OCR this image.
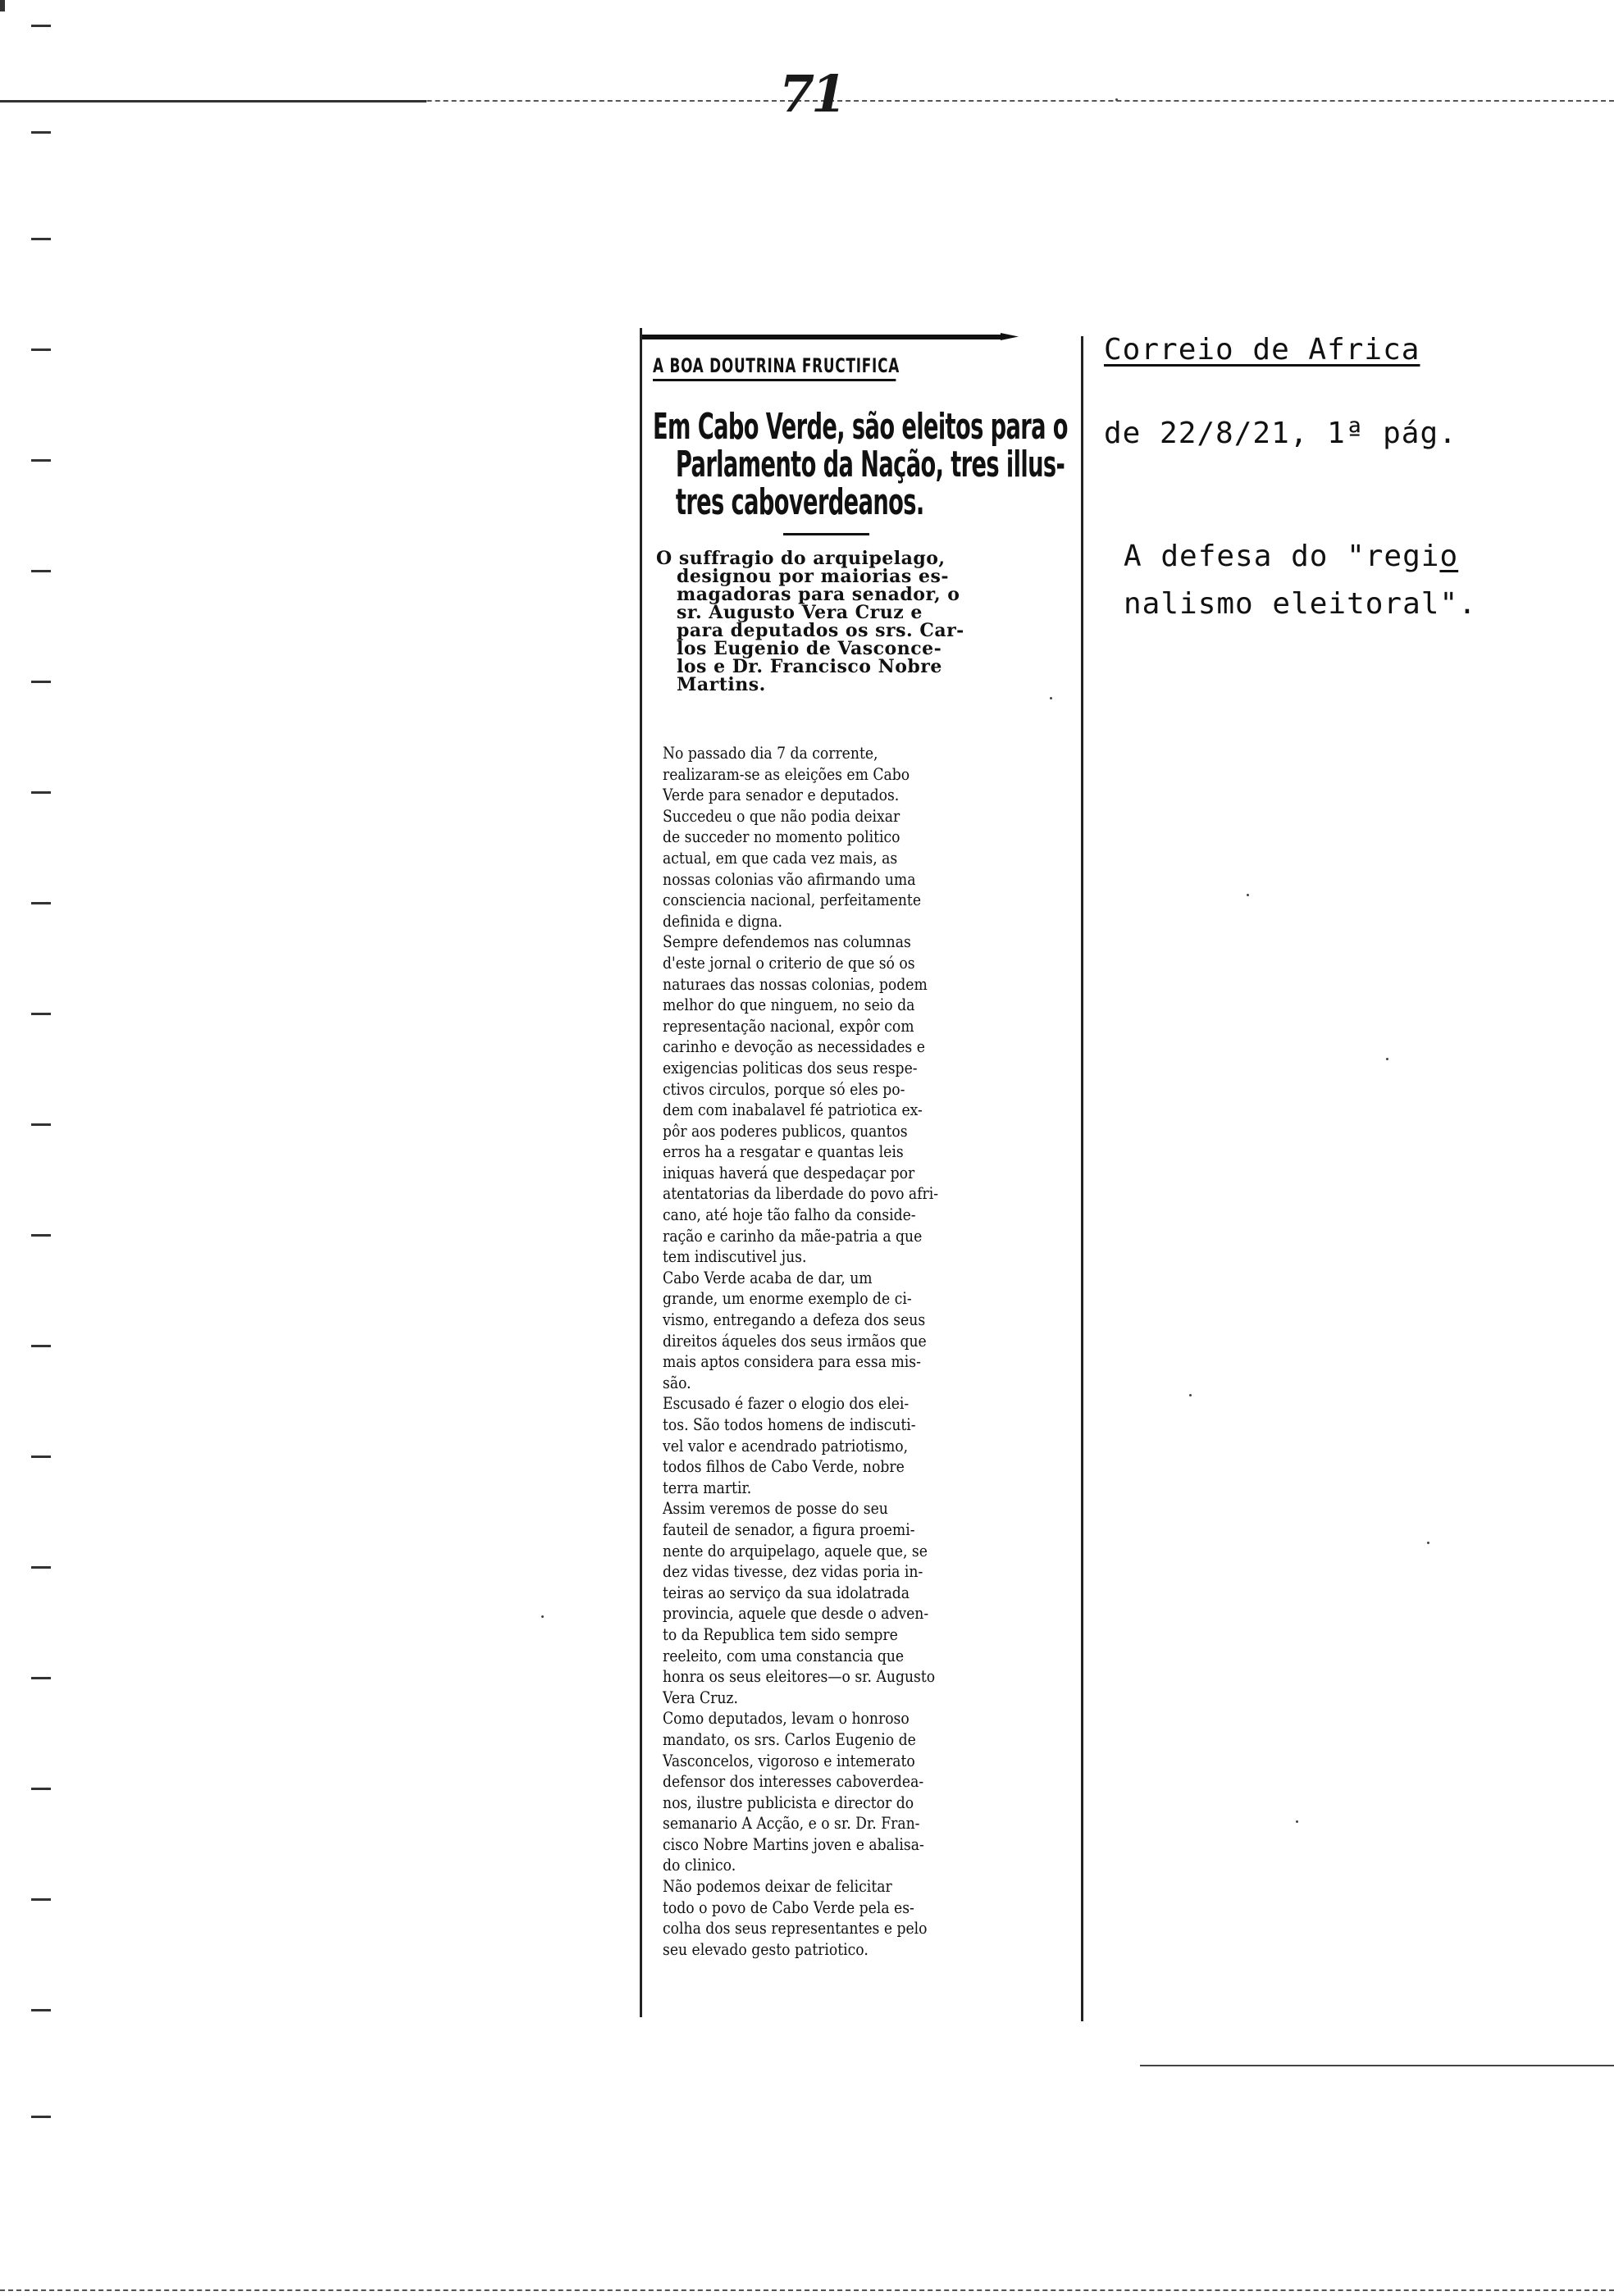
71
A BOA DOUTRINA FRUCTIFICA
Em Cabo Verde, são eleitos para o
Parlamento da Nação, tres illus-
tres caboverdeanos.
O suffragio do arquipelago,
designou por maiorias es-
magadoras para senador, o
sr. Augusto Vera Cruz e
para deputados os srs. Car-
los Eugenio de Vasconce-
los e Dr. Francisco Nobre
Martins.
No passado dia 7 da corrente,
realizaram-se as eleições em Cabo
Verde para senador e deputados.
Succedeu o que não podia deixar
de succeder no momento politico
actual, em que cada vez mais, as
nossas colonias vão afirmando uma
consciencia nacional, perfeitamente
definida e digna.
Sempre defendemos nas columnas
d'este jornal o criterio de que só os
naturaes das nossas colonias, podem
melhor do que ninguem, no seio da
representação nacional, expôr com
carinho e devoção as necessidades e
exigencias politicas dos seus respe-
ctivos circulos, porque só eles po-
dem com inabalavel fé patriotica ex-
pôr aos poderes publicos, quantos
erros ha a resgatar e quantas leis
iniquas haverá que despedaçar por
atentatorias da liberdade do povo afri-
cano, até hoje tão falho da conside-
ração e carinho da mãe-patria a que
tem indiscutivel jus.
Cabo Verde acaba de dar, um
grande, um enorme exemplo de ci-
vismo, entregando a defeza dos seus
direitos áqueles dos seus irmãos que
mais aptos considera para essa mis-
são.
Escusado é fazer o elogio dos elei-
tos. São todos homens de indiscuti-
vel valor e acendrado patriotismo,
todos filhos de Cabo Verde, nobre
terra martir.
Assim veremos de posse do seu
fauteil de senador, a figura proemi-
nente do arquipelago, aquele que, se
dez vidas tivesse, dez vidas poria in-
teiras ao serviço da sua idolatrada
provincia, aquele que desde o adven-
to da Republica tem sido sempre
reeleito, com uma constancia que
honra os seus eleitores—o sr. Augusto
Vera Cruz.
Como deputados, levam o honroso
mandato, os srs. Carlos Eugenio de
Vasconcelos, vigoroso e intemerato
defensor dos interesses caboverdea-
nos, ilustre publicista e director do
semanario A Acção, e o sr. Dr. Fran-
cisco Nobre Martins joven e abalisa-
do clinico.
Não podemos deixar de felicitar
todo o povo de Cabo Verde pela es-
colha dos seus representantes e pelo
seu elevado gesto patriotico.
Correio de Africa
de 22/8/21, 1ª pág.
A defesa do "regio
nalismo eleitoral".
